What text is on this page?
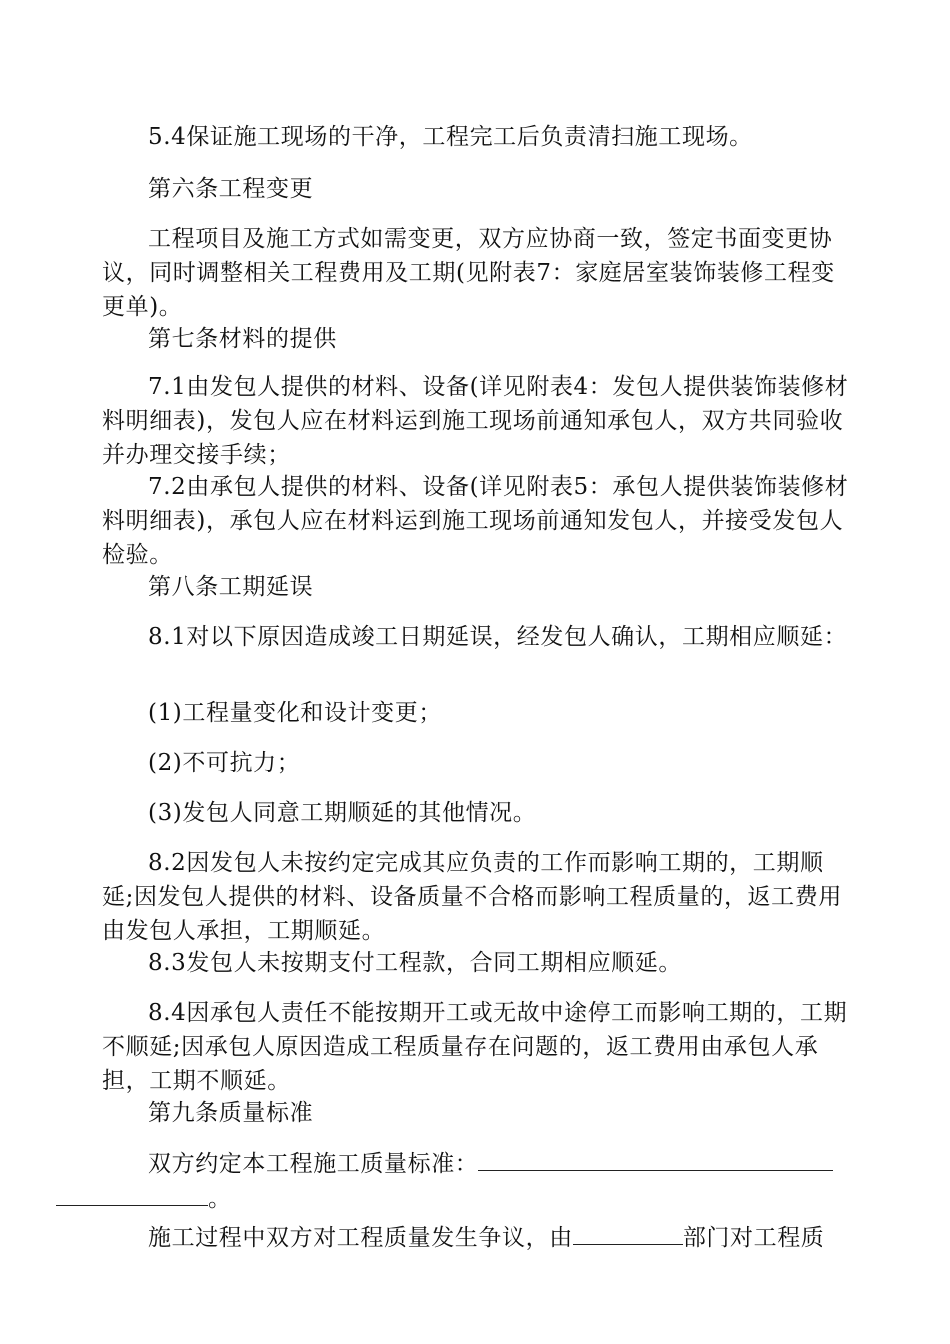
5.4保证施工现场的干净，工程完工后负责清扫施工现场。

第六条工程变更

工程项目及施工方式如需变更，双方应协商一致，签定书面变更协议，同时调整相关工程费用及工期(见附表7：家庭居室装饰装修工程变更单)。

第七条材料的提供

7.1由发包人提供的材料、设备(详见附表4：发包人提供装饰装修材料明细表)，发包人应在材料运到施工现场前通知承包人，双方共同验收并办理交接手续；

7.2由承包人提供的材料、设备(详见附表5：承包人提供装饰装修材料明细表)，承包人应在材料运到施工现场前通知发包人，并接受发包人检验。

第八条工期延误

8.1对以下原因造成竣工日期延误，经发包人确认，工期相应顺延：

(1)工程量变化和设计变更；

(2)不可抗力；

(3)发包人同意工期顺延的其他情况。

8.2因发包人未按约定完成其应负责的工作而影响工期的，工期顺延;因发包人提供的材料、设备质量不合格而影响工程质量的，返工费用由发包人承担，工期顺延。

8.3发包人未按期支付工程款，合同工期相应顺延。

8.4因承包人责任不能按期开工或无故中途停工而影响工期的，工期不顺延;因承包人原因造成工程质量存在问题的，返工费用由承包人承担，工期不顺延。

第九条质量标准

双方约定本工程施工质量标准：
。

施工过程中双方对工程质量发生争议，由	部门对工程质
